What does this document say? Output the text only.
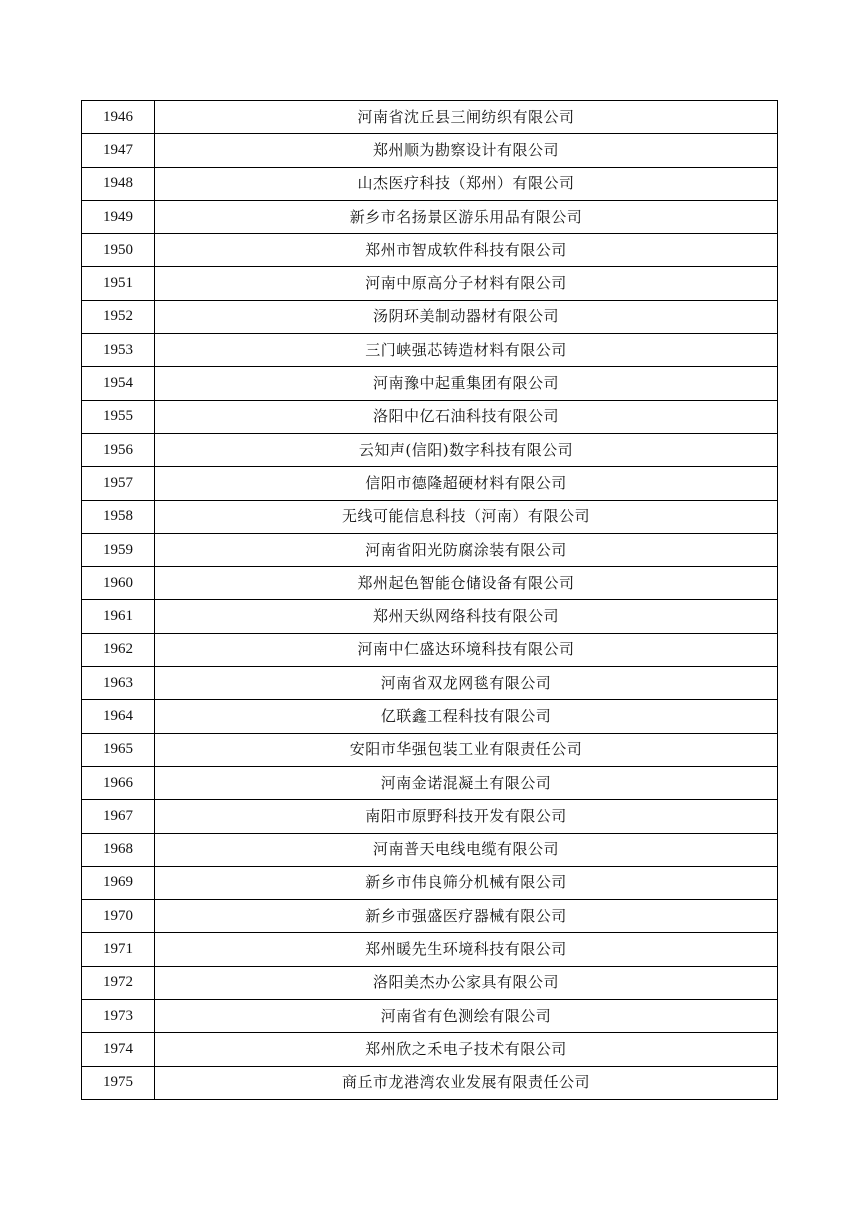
1946	河南省沈丘县三闸纺织有限公司
1947	郑州顺为勘察设计有限公司
1948	山杰医疗科技（郑州）有限公司
1949	新乡市名扬景区游乐用品有限公司
1950	郑州市智成软件科技有限公司
1951	河南中原高分子材料有限公司
1952	汤阴环美制动器材有限公司
1953	三门峡强芯铸造材料有限公司
1954	河南豫中起重集团有限公司
1955	洛阳中亿石油科技有限公司
1956	云知声(信阳)数字科技有限公司
1957	信阳市德隆超硬材料有限公司
1958	无线可能信息科技（河南）有限公司
1959	河南省阳光防腐涂装有限公司
1960	郑州起色智能仓储设备有限公司
1961	郑州天纵网络科技有限公司
1962	河南中仁盛达环境科技有限公司
1963	河南省双龙网毯有限公司
1964	亿联鑫工程科技有限公司
1965	安阳市华强包装工业有限责任公司
1966	河南金诺混凝土有限公司
1967	南阳市原野科技开发有限公司
1968	河南普天电线电缆有限公司
1969	新乡市伟良筛分机械有限公司
1970	新乡市强盛医疗器械有限公司
1971	郑州暖先生环境科技有限公司
1972	洛阳美杰办公家具有限公司
1973	河南省有色测绘有限公司
1974	郑州欣之禾电子技术有限公司
1975	商丘市龙港湾农业发展有限责任公司
